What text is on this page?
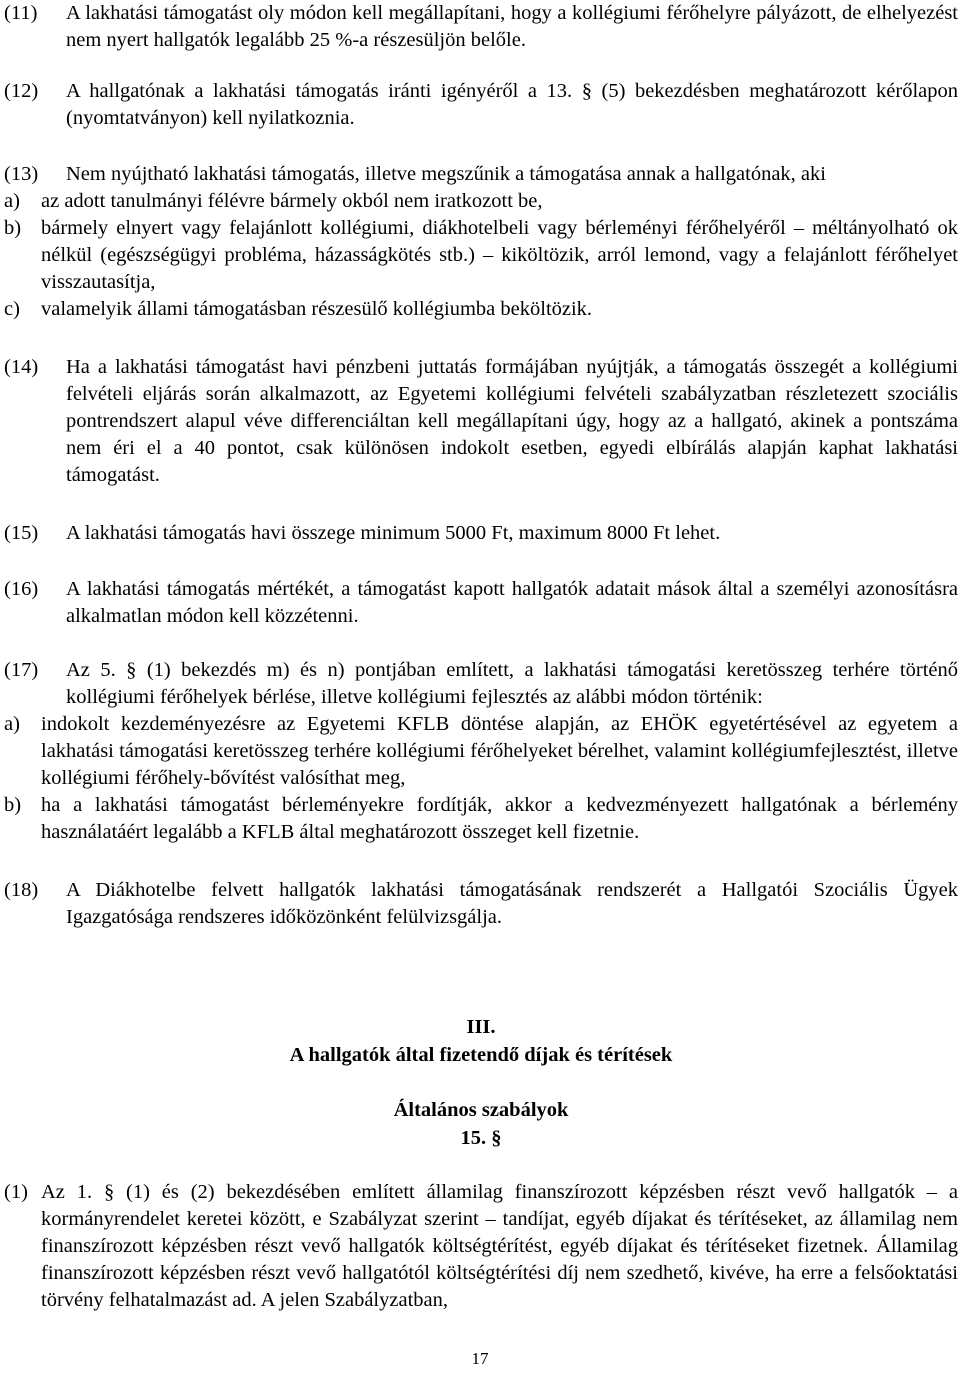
(11)	A lakhatási támogatást oly módon kell megállapítani, hogy a kollégiumi férőhelyre pályázott, de elhelyezést nem nyert hallgatók legalább 25 %-a részesüljön belőle.
(12)	A hallgatónak a lakhatási támogatás iránti igényéről a 13. § (5) bekezdésben meghatározott kérőlapon (nyomtatványon) kell nyilatkoznia.
(13)	Nem nyújtható lakhatási támogatás, illetve megszűnik a támogatása annak a hallgatónak, aki
a)	az adott tanulmányi félévre bármely okból nem iratkozott be,
b) bármely elnyert vagy felajánlott kollégiumi, diákhotelbeli vagy bérleményi férőhelyéről – méltányolható ok nélkül (egészségügyi probléma, házasságkötés stb.) – kiköltözik, arról lemond, vagy a felajánlott férőhelyet visszautasítja,
c)	valamelyik állami támogatásban részesülő kollégiumba beköltözik.
(14)	Ha a lakhatási támogatást havi pénzbeni juttatás formájában nyújtják, a támogatás összegét a kollégiumi felvételi eljárás során alkalmazott, az Egyetemi kollégiumi felvételi szabályzatban részletezett szociális pontrendszert alapul véve differenciáltan kell megállapítani úgy, hogy az a hallgató, akinek a pontszáma nem éri el a 40 pontot, csak különösen indokolt esetben, egyedi elbírálás alapján kaphat lakhatási támogatást.
(15)	A lakhatási támogatás havi összege minimum 5000 Ft, maximum 8000 Ft lehet.
(16)	A lakhatási támogatás mértékét, a támogatást kapott hallgatók adatait mások által a személyi azonosításra alkalmatlan módon kell közzétenni.
(17)	Az 5. § (1) bekezdés m) és n) pontjában említett, a lakhatási támogatási keretösszeg terhére történő kollégiumi férőhelyek bérlése, illetve kollégiumi fejlesztés az alábbi módon történik:
a)	indokolt kezdeményezésre az Egyetemi KFLB döntése alapján, az EHÖK egyetértésével az egyetem a lakhatási támogatási keretösszeg terhére kollégiumi férőhelyeket bérelhet, valamint kollégiumfejlesztést, illetve kollégiumi férőhely-bővítést valósíthat meg,
b) ha a lakhatási támogatást bérleményekre fordítják, akkor a kedvezményezett hallgatónak a bérlemény használatáért legalább a KFLB által meghatározott összeget kell fizetnie.
(18)	A Diákhotelbe felvett hallgatók lakhatási támogatásának rendszerét a Hallgatói Szociális Ügyek Igazgatósága rendszeres időközönként felülvizsgálja.
III.
A hallgatók által fizetendő díjak és térítések
Általános szabályok
15. §
(1) Az 1. § (1) és (2) bekezdésében említett államilag finanszírozott képzésben részt vevő hallgatók – a kormányrendelet keretei között, e Szabályzat szerint – tandíjat, egyéb díjakat és térítéseket, az államilag nem finanszírozott képzésben részt vevő hallgatók költségtérítést, egyéb díjakat és térítéseket fizetnek. Államilag finanszírozott képzésben részt vevő hallgatótól költségtérítési díj nem szedhető, kivéve, ha erre a felsőoktatási törvény felhatalmazást ad. A jelen Szabályzatban,
17
